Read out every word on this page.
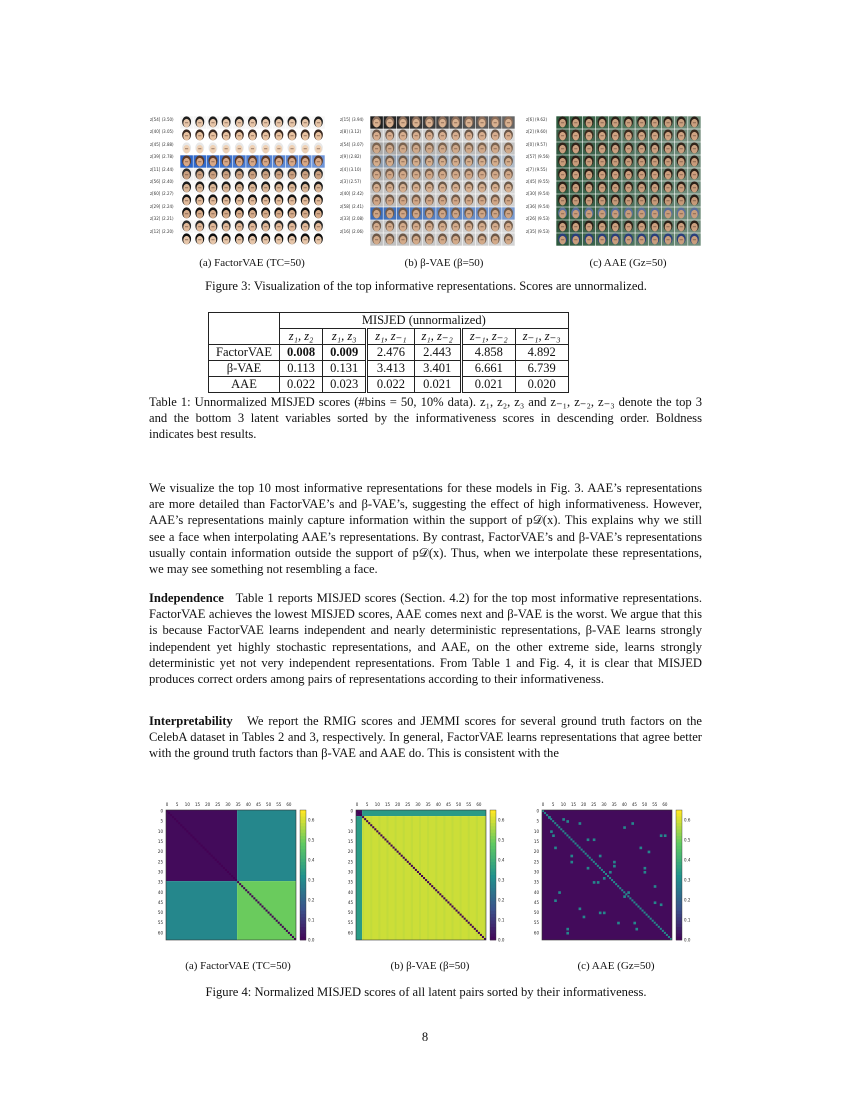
z[54] (3.50)
z[40] (3.05)
z[45] (2.88)
z[39] (2.78)
z[11] (2.44)
z[56] (2.40)
z[60] (2.27)
z[29] (2.24)
z[32] (2.21)
z[12] (2.20)
z[15] (3.94)
z[8] (3.12)
z[54] (3.07)
z[9] (2.82)
z[4] (3.10)
z[3] (2.57)
z[40] (2.42)
z[58] (2.41)
z[33] (2.08)
z[16] (2.06)
z[6] (9.62)
z[2] (9.60)
z[0] (9.57)
z[57] (9.56)
z[7] (9.55)
z[45] (9.55)
z[30] (9.54)
z[36] (9.54)
z[26] (9.53)
z[35] (9.53)
(a) FactorVAE (TC=50)	(b) β-VAE (β=50)	(c) AAE (Gz=50)
Figure 3: Visualization of the top informative representations. Scores are unnormalized.
	MISJED (unnormalized)					
	z₁, z₂	z₁, z₃	z₁, z₋₁	z₁, z₋₂	z₋₁, z₋₂	z₋₁, z₋₃
FactorVAE	0.008	0.009	2.476	2.443	4.858	4.892
β-VAE	0.113	0.131	3.413	3.401	6.661	6.739
AAE	0.022	0.023	0.022	0.021	0.021	0.020
Table 1: Unnormalized MISJED scores (#bins = 50, 10% data). z₁, z₂, z₃ and z₋₁, z₋₂, z₋₃ denote the top 3 and the bottom 3 latent variables sorted by the informativeness scores in descending order. Boldness indicates best results.
We visualize the top 10 most informative representations for these models in Fig. 3. AAE’s representations are more detailed than FactorVAE’s and β-VAE’s, suggesting the effect of high informativeness. However, AAE’s representations mainly capture information within the support of p𝒟(x). This explains why we still see a face when interpolating AAE’s representations. By contrast, FactorVAE’s and β-VAE’s representations usually contain information outside the support of p𝒟(x). Thus, when we interpolate these representations, we may see something not resembling a face.
Independence Table 1 reports MISJED scores (Section. 4.2) for the top most informative representations. FactorVAE achieves the lowest MISJED scores, AAE comes next and β-VAE is the worst. We argue that this is because FactorVAE learns independent and nearly deterministic representations, β-VAE learns strongly independent yet highly stochastic representations, and AAE, on the other extreme side, learns strongly deterministic yet not very independent representations. From Table 1 and Fig. 4, it is clear that MISJED produces correct orders among pairs of representations according to their informativeness.
Interpretability We report the RMIG scores and JEMMI scores for several ground truth factors on the CelebA dataset in Tables 2 and 3, respectively. In general, FactorVAE learns representations that agree better with the ground truth factors than β-VAE and AAE do. This is consistent with the
0 5 10 15 20 25 30 35 40 45 50 55 60
0
5
10
15
20
25
30
35
40
45
50
55
60
0.0
0.1
0.2
0.3
0.4
0.5
0.6
0 5 10 15 20 25 30 35 40 45 50 55 60
0
5
10
15
20
25
30
35
40
45
50
55
60
0.0
0.1
0.2
0.3
0.4
0.5
0.6
0 5 10 15 20 25 30 35 40 45 50 55 60
0
5
10
15
20
25
30
35
40
45
50
55
60
0.0
0.1
0.2
0.3
0.4
0.5
0.6
(a) FactorVAE (TC=50)	(b) β-VAE (β=50)	(c) AAE (Gz=50)
Figure 4: Normalized MISJED scores of all latent pairs sorted by their informativeness.
8
